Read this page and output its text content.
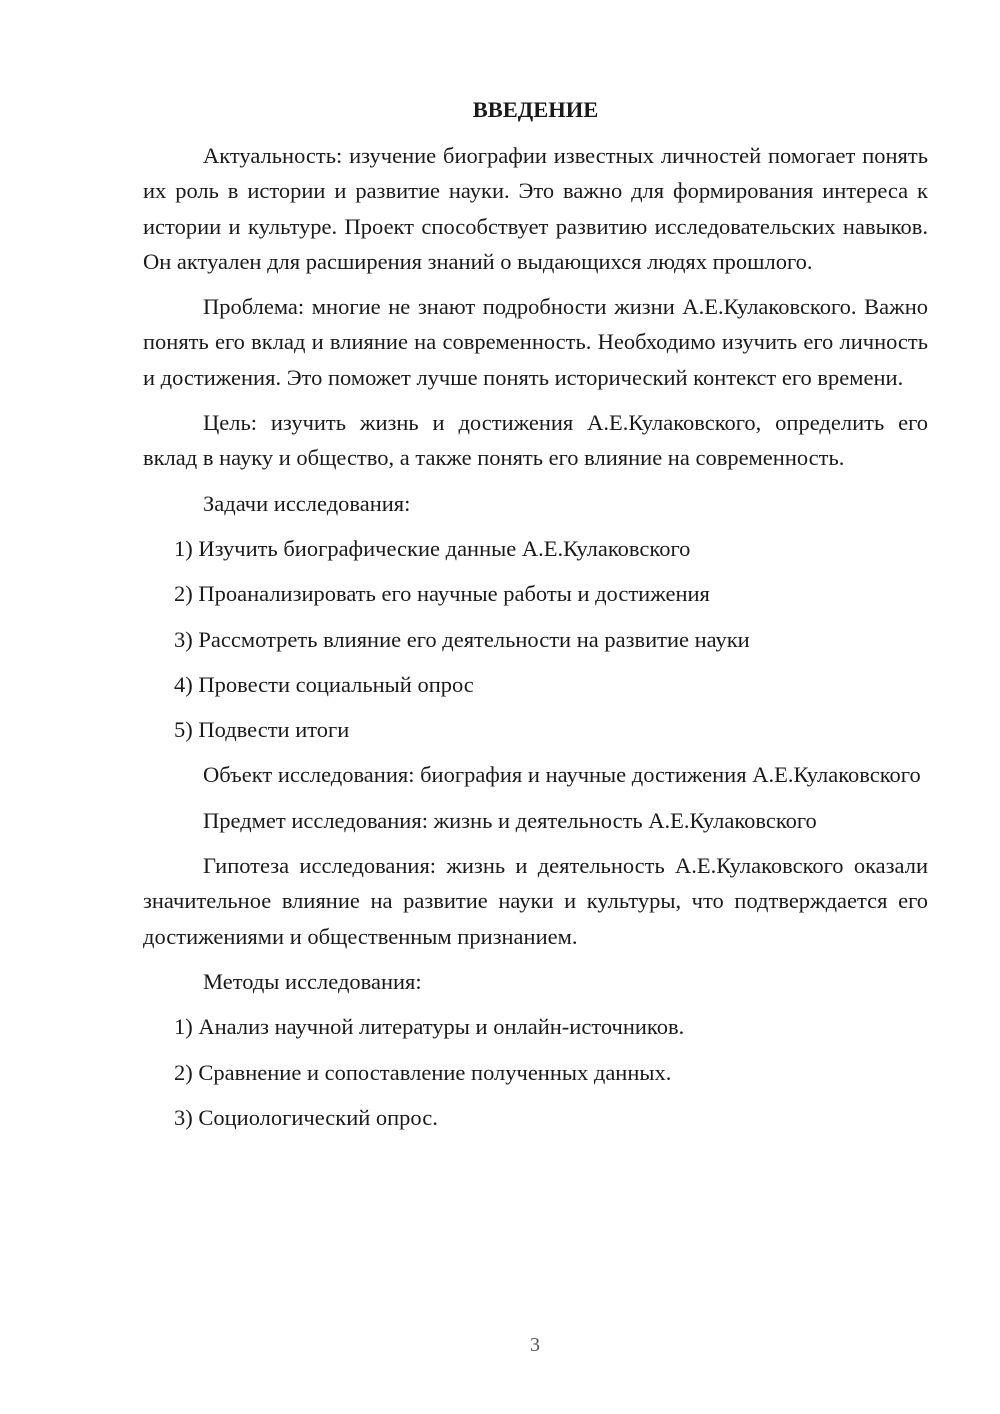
ВВЕДЕНИЕ
Актуальность: изучение биографии известных личностей помогает понять их роль в истории и развитие науки. Это важно для формирования интереса к истории и культуре. Проект способствует развитию исследовательских навыков. Он актуален для расширения знаний о выдающихся людях прошлого.
Проблема: многие не знают подробности жизни А.Е.Кулаковского. Важно понять его вклад и влияние на современность. Необходимо изучить его личность и достижения. Это поможет лучше понять исторический контекст его времени.
Цель: изучить жизнь и достижения А.Е.Кулаковского, определить его вклад в науку и общество, а также понять его влияние на современность.
Задачи исследования:
1) Изучить биографические данные А.Е.Кулаковского
2) Проанализировать его научные работы и достижения
3) Рассмотреть влияние его деятельности на развитие науки
4) Провести социальный опрос
5) Подвести итоги
Объект исследования: биография и научные достижения А.Е.Кулаковского
Предмет исследования: жизнь и деятельность А.Е.Кулаковского
Гипотеза исследования: жизнь и деятельность А.Е.Кулаковского оказали значительное влияние на развитие науки и культуры, что подтверждается его достижениями и общественным признанием.
Методы исследования:
1) Анализ научной литературы и онлайн-источников.
2) Сравнение и сопоставление полученных данных.
3) Социологический опрос.
3
